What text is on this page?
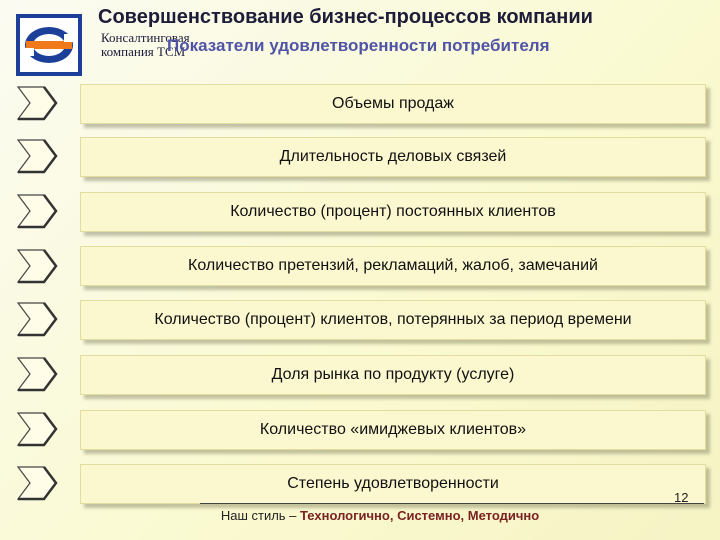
Совершенствование бизнес-процессов компании
Консалтинговая
компания ТСМ
Показатели удовлетворенности потребителя
Объемы продаж
Длительность деловых связей
Количество (процент) постоянных клиентов
Количество претензий, рекламаций, жалоб, замечаний
Количество (процент) клиентов, потерянных за период времени
Доля рынка по продукту (услуге)
Количество «имиджевых клиентов»
Степень удовлетворенности
12
Наш стиль – Технологично, Системно, Методично
